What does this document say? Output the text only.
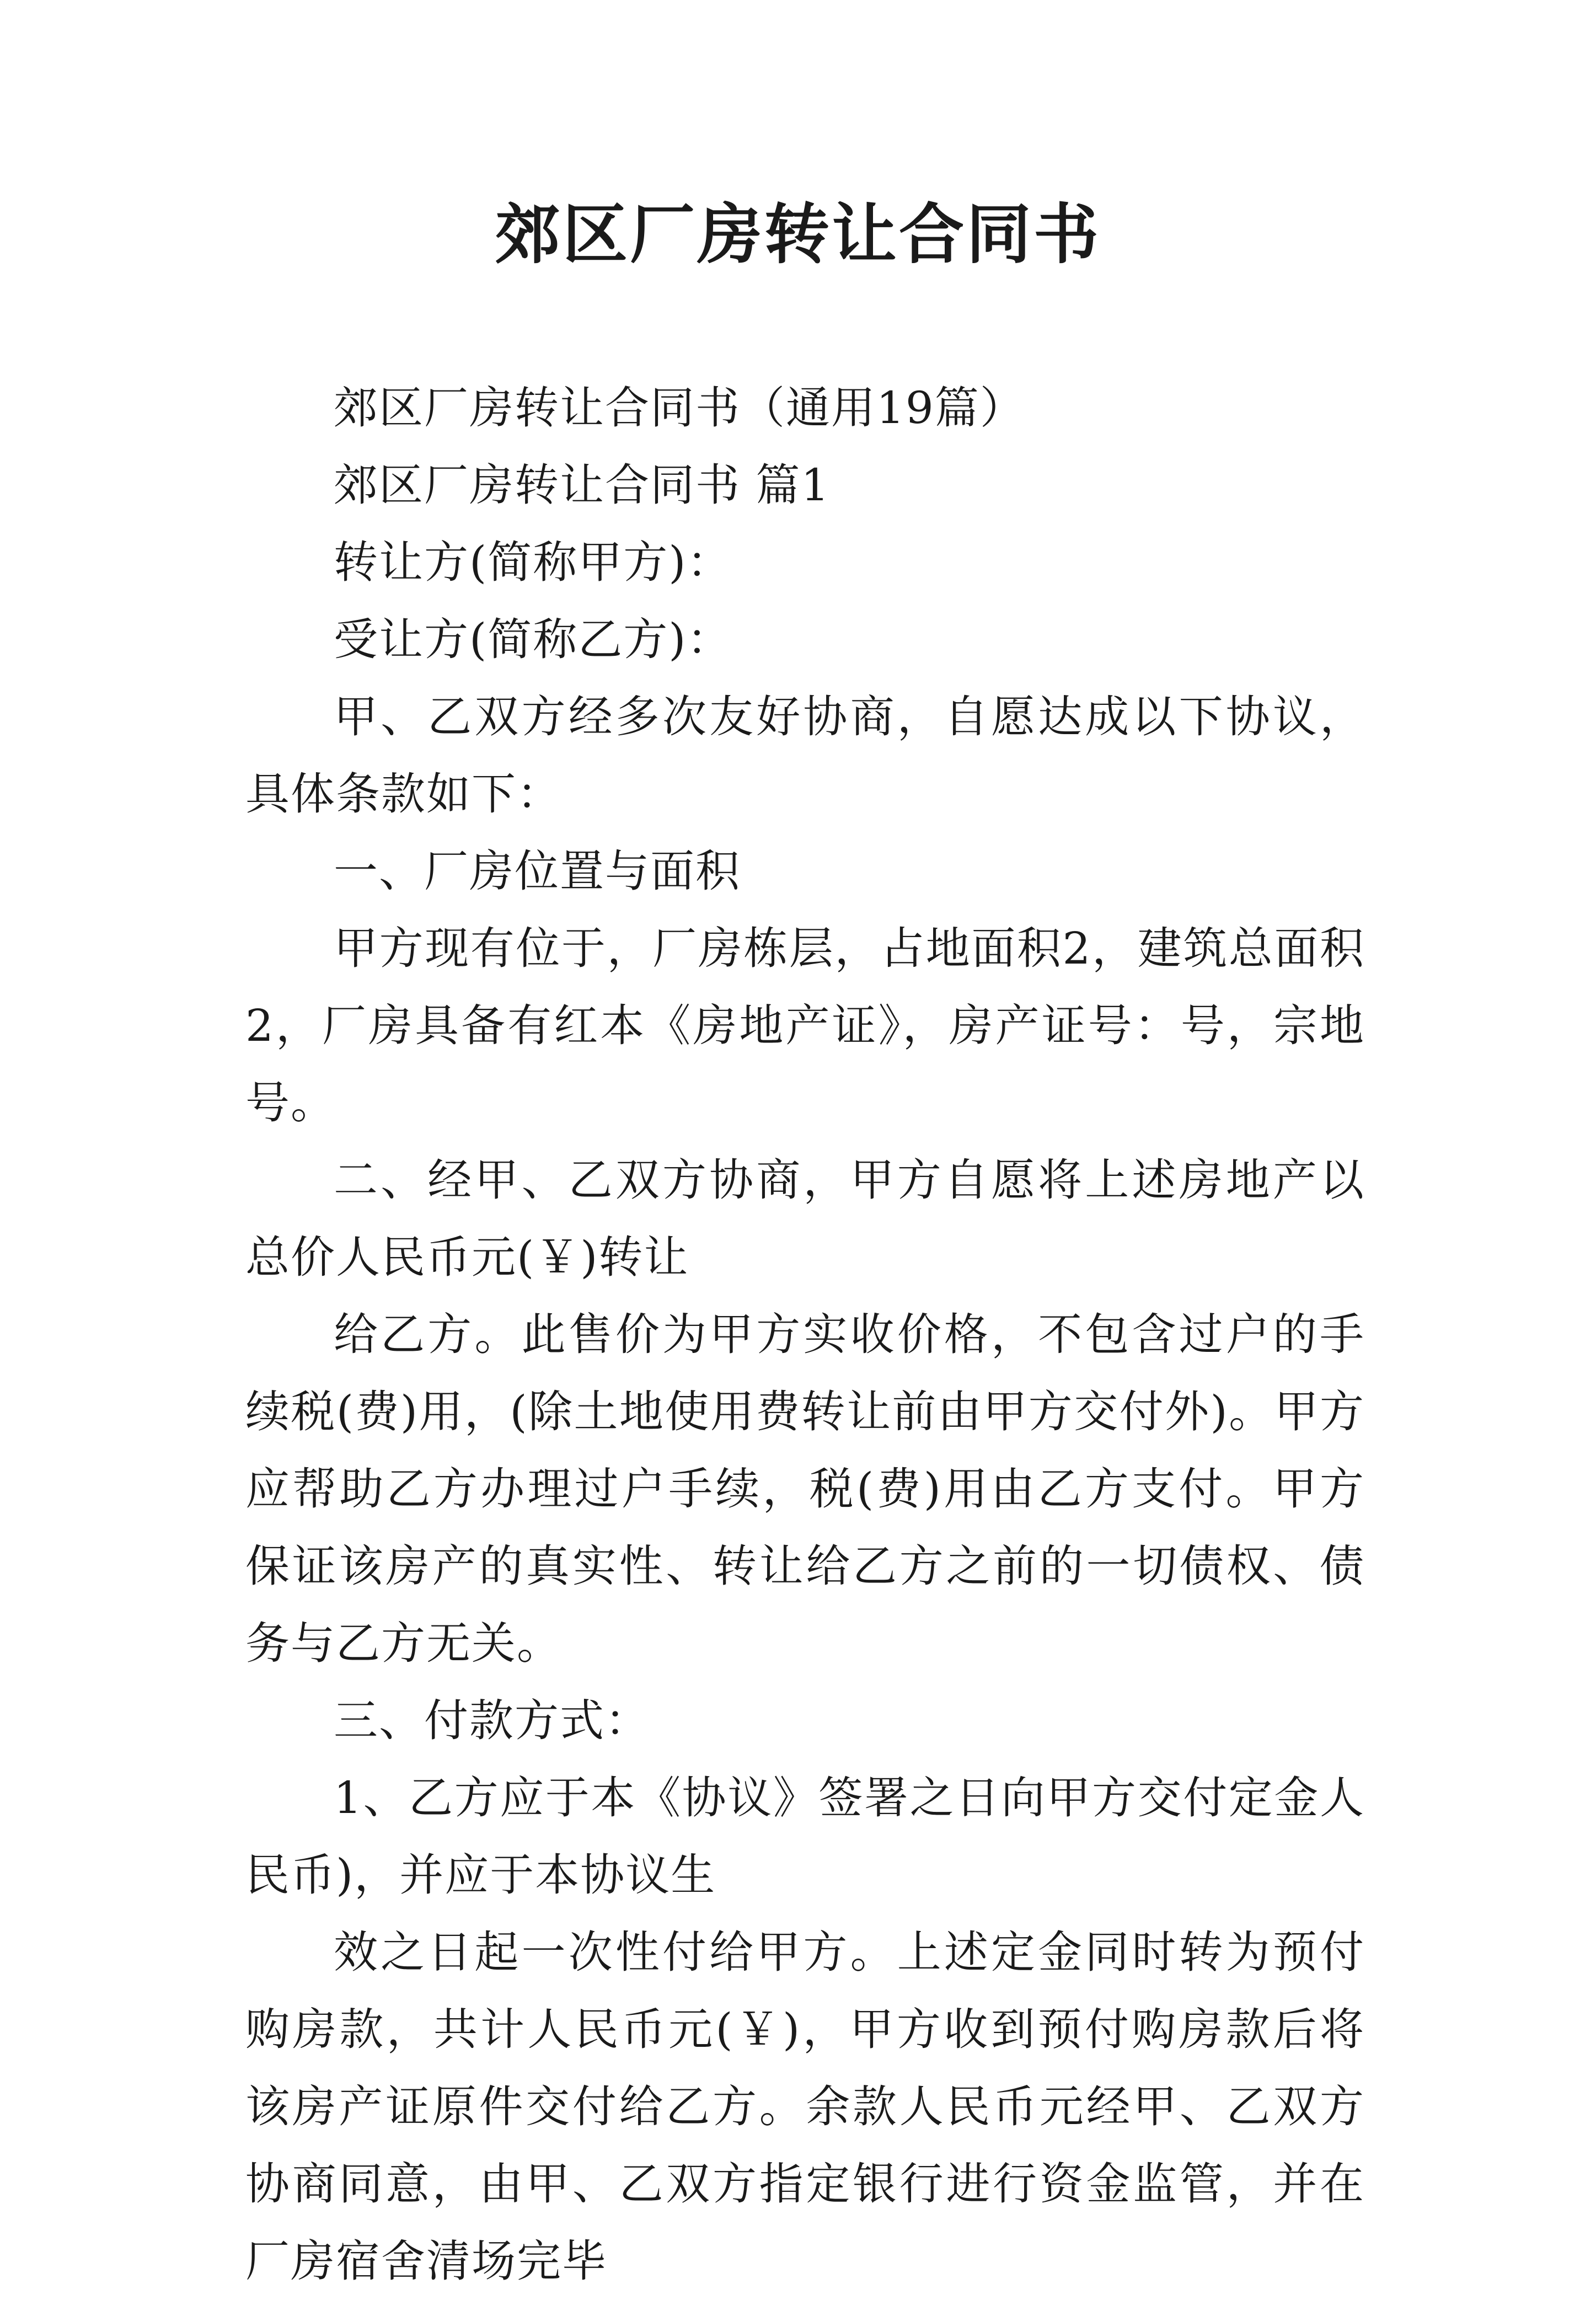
郊区厂房转让合同书

郊区厂房转让合同书（通用19篇）

郊区厂房转让合同书 篇1

转让方(简称甲方)：

受让方(简称乙方)：

甲、乙双方经多次友好协商，自愿达成以下协议，具体条款如下：

一、厂房位置与面积

甲方现有位于，厂房栋层，占地面积2，建筑总面积2，厂房具备有红本《房地产证》，房产证号：号，宗地号。

二、经甲、乙双方协商，甲方自愿将上述房地产以总价人民币元(￥)转让

给乙方。此售价为甲方实收价格，不包含过户的手续税(费)用，(除土地使用费转让前由甲方交付外)。甲方应帮助乙方办理过户手续，税(费)用由乙方支付。甲方保证该房产的真实性、转让给乙方之前的一切债权、债务与乙方无关。

三、付款方式：

1、乙方应于本《协议》签署之日向甲方交付定金人民币)，并应于本协议生

效之日起一次性付给甲方。上述定金同时转为预付购房款，共计人民币元(￥)，甲方收到预付购房款后将该房产证原件交付给乙方。余款人民币元经甲、乙双方协商同意，由甲、乙双方指定银行进行资金监管，并在厂房宿舍清场完毕
